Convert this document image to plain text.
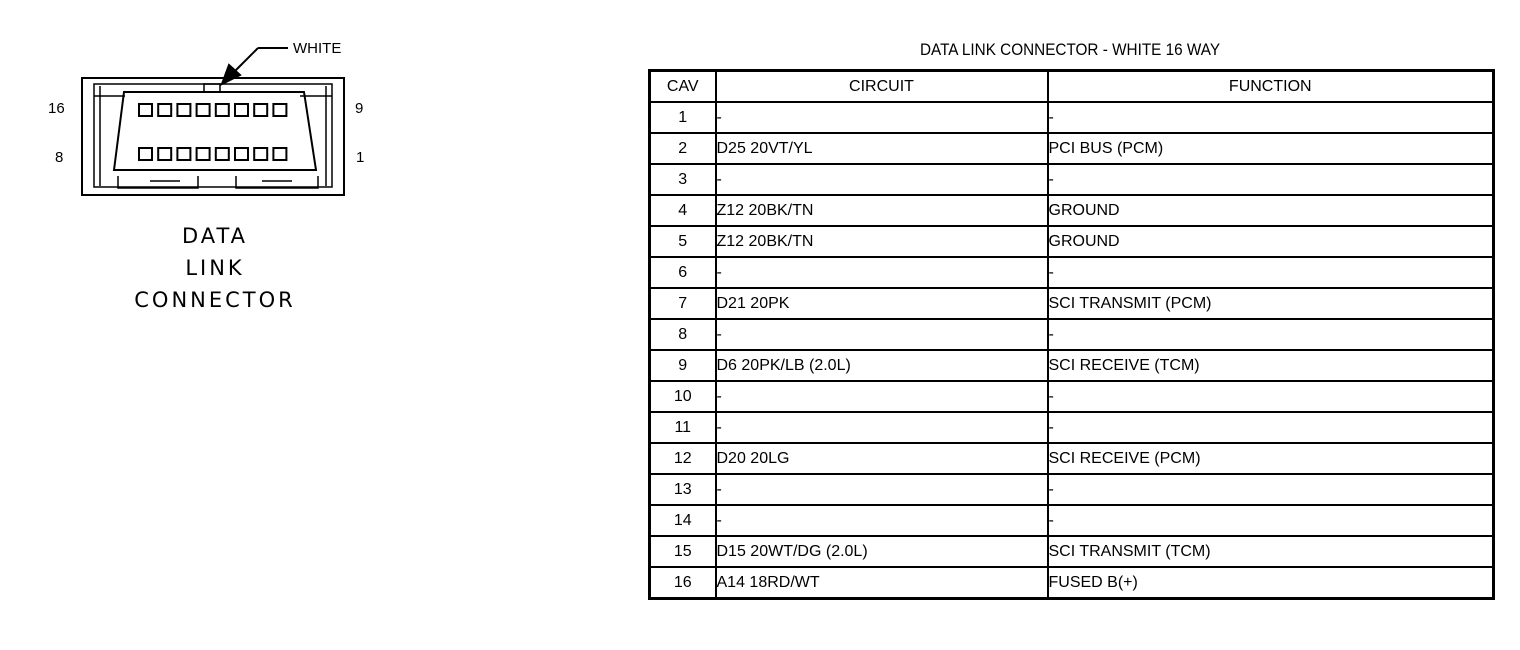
WHITE
16
8
9
1
DATA
LINK
CONNECTOR
DATA LINK CONNECTOR - WHITE 16 WAY
CAV	CIRCUIT	FUNCTION
1	-	-
2	D25 20VT/YL	PCI BUS (PCM)
3	-	-
4	Z12 20BK/TN	GROUND
5	Z12 20BK/TN	GROUND
6	-	-
7	D21 20PK	SCI TRANSMIT (PCM)
8	-	-
9	D6 20PK/LB (2.0L)	SCI RECEIVE (TCM)
10	-	-
11	-	-
12	D20 20LG	SCI RECEIVE (PCM)
13	-	-
14	-	-
15	D15 20WT/DG (2.0L)	SCI TRANSMIT (TCM)
16	A14 18RD/WT	FUSED B(+)
